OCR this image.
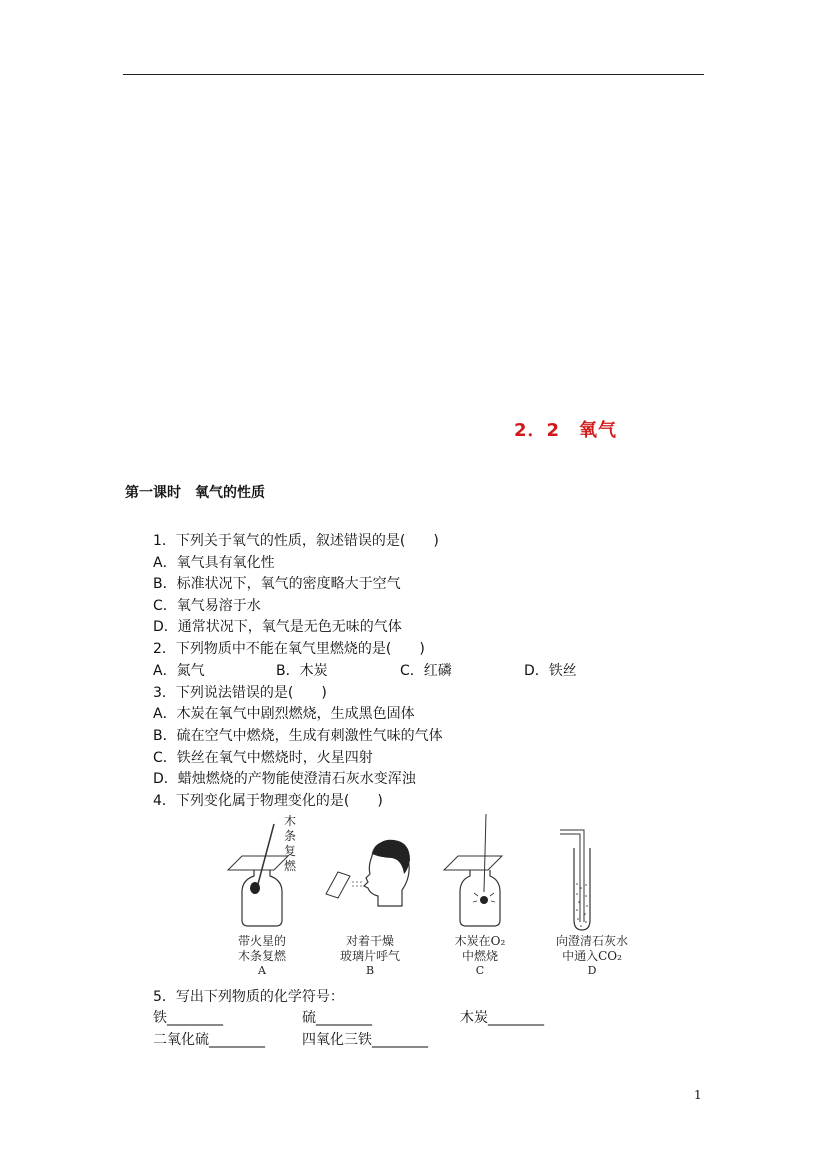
2．2　氧气
第一课时　氧气的性质
1．下列关于氧气的性质，叙述错误的是(　　)
A．氧气具有氧化性
B．标准状况下，氧气的密度略大于空气
C．氧气易溶于水
D．通常状况下，氧气是无色无味的气体
2．下列物质中不能在氧气里燃烧的是(　　)
A．氮气	B．木炭	C．红磷	D．铁丝
3．下列说法错误的是(　　)
A．木炭在氧气中剧烈燃烧，生成黑色固体
B．硫在空气中燃烧，生成有刺激性气味的气体
C．铁丝在氧气中燃烧时，火星四射
D．蜡烛燃烧的产物能使澄清石灰水变浑浊
4．下列变化属于物理变化的是(　　)
木条复燃
带火星的
木条复燃
A
对着干燥
玻璃片呼气
B
木炭在O₂
中燃烧
C
向澄清石灰水
中通入CO₂
D
5．写出下列物质的化学符号：
铁________	硫________	木炭________
二氧化硫________	四氧化三铁________
1
